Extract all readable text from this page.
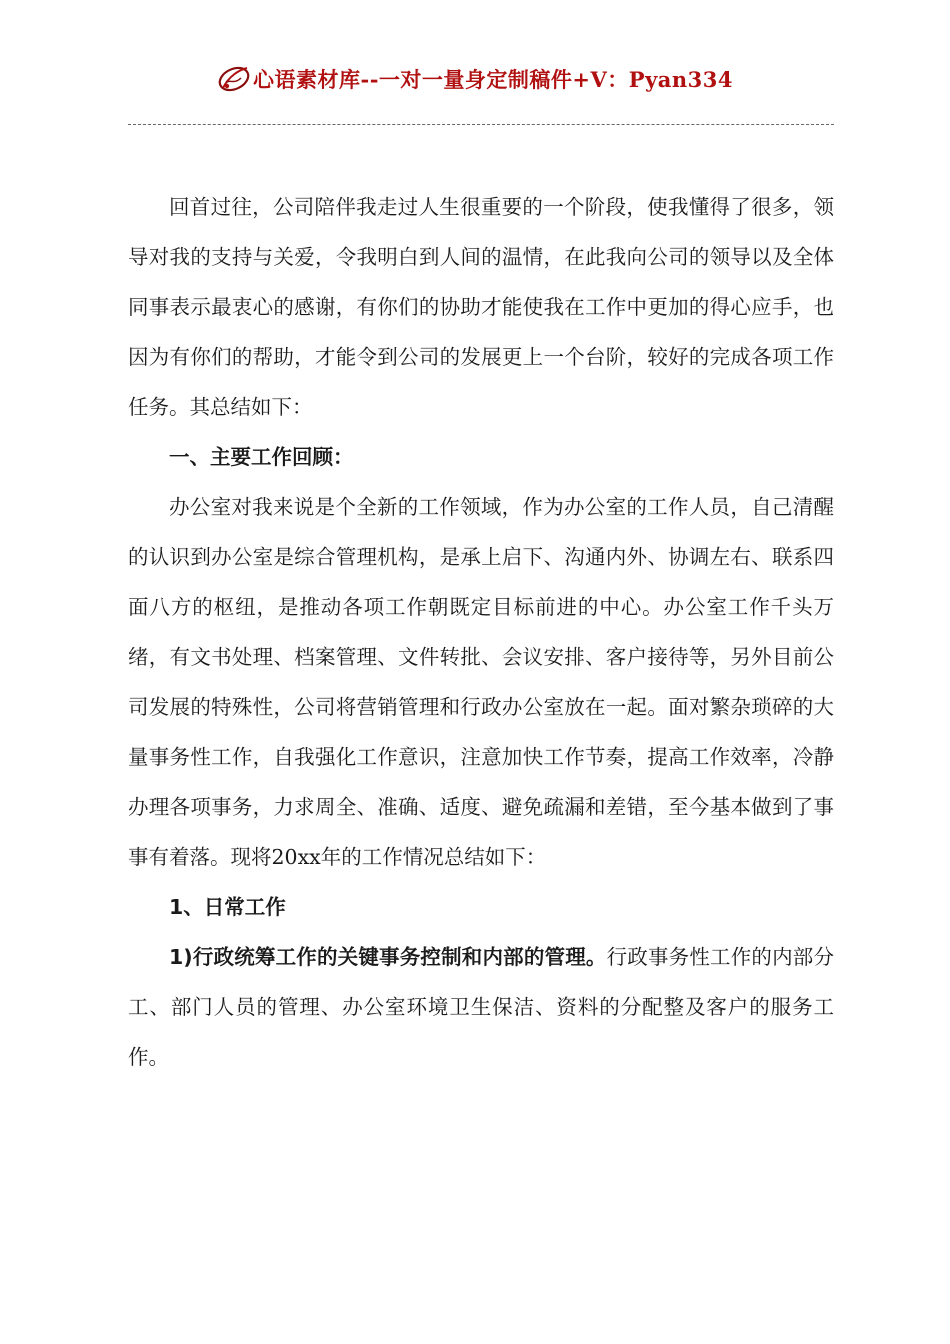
心语素材库--一对一量身定制稿件+V：Pyan334

回首过往，公司陪伴我走过人生很重要的一个阶段，使我懂得了很多，领导对我的支持与关爱，令我明白到人间的温情，在此我向公司的领导以及全体同事表示最衷心的感谢，有你们的协助才能使我在工作中更加的得心应手，也因为有你们的帮助，才能令到公司的发展更上一个台阶，较好的完成各项工作任务。其总结如下：

一、主要工作回顾：

办公室对我来说是个全新的工作领域，作为办公室的工作人员，自己清醒的认识到办公室是综合管理机构，是承上启下、沟通内外、协调左右、联系四面八方的枢纽，是推动各项工作朝既定目标前进的中心。办公室工作千头万绪，有文书处理、档案管理、文件转批、会议安排、客户接待等，另外目前公司发展的特殊性，公司将营销管理和行政办公室放在一起。面对繁杂琐碎的大量事务性工作，自我强化工作意识，注意加快工作节奏，提高工作效率，冷静办理各项事务，力求周全、准确、适度、避免疏漏和差错，至今基本做到了事事有着落。现将20xx年的工作情况总结如下：

1、日常工作

1)行政统筹工作的关键事务控制和内部的管理。行政事务性工作的内部分工、部门人员的管理、办公室环境卫生保洁、资料的分配整及客户的服务工作。
